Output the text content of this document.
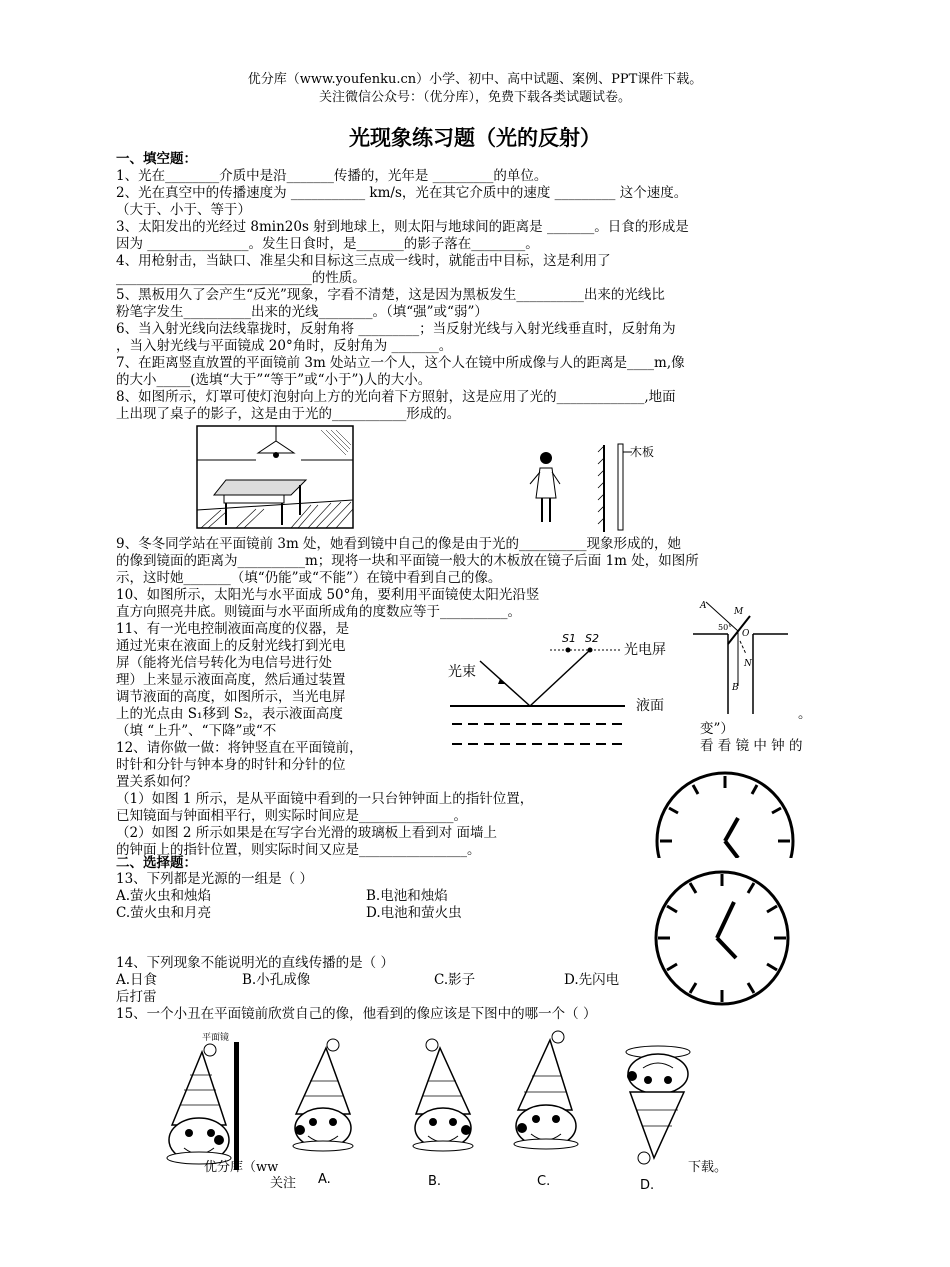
优分库（www.youfenku.cn）小学、初中、高中试题、案例、PPT课件下载。
关注微信公众号：（优分库），免费下载各类试题试卷。
光现象练习题（光的反射）
一、填空题：
1、光在________介质中是沿_______传播的，光年是 _________的单位。
2、光在真空中的传播速度为 ___________ km/s，光在其它介质中的速度 _________ 这个速度。
（大于、小于、等于）
3、太阳发出的光经过 8min20s 射到地球上，则太阳与地球间的距离是 _______。日食的形成是
因为 _______________。发生日食时，是_______的影子落在________。
4、用枪射击，当缺口、准星尖和目标这三点成一线时，就能击中目标，这是利用了
_____________________________的性质。
5、黑板用久了会产生“反光”现象，字看不清楚，这是因为黑板发生__________出来的光线比
粉笔字发生__________出来的光线________。（填“强”或“弱”）
6、当入射光线向法线靠拢时，反射角将 _________；当反射光线与入射光线垂直时，反射角为
，当入射光线与平面镜成 20°角时，反射角为 _______。
7、在距离竖直放置的平面镜前 3m 处站立一个人，这个人在镜中所成像与人的距离是____m,像
的大小_____(选填“大于”“等于”或“小于”)人的大小。
8、如图所示，灯罩可使灯泡射向上方的光向着下方照射，这是应用了光的_____________,地面
上出现了桌子的影子，这是由于光的___________形成的。
木板
9、冬冬同学站在平面镜前 3m 处，她看到镜中自己的像是由于光的__________现象形成的，她
的像到镜面的距离为__________m；现将一块和平面镜一般大的木板放在镜子后面 1m 处，如图所
示，这时她_______（填“仍能”或“不能”）在镜中看到自己的像。
10、如图所示，太阳光与水平面成 50°角，要利用平面镜使太阳光沿竖
直方向照亮井底。则镜面与水平面所成角的度数应等于__________。	A
M
50°
O
N
B
11、有一光电控制液面高度的仪器，是
通过光束在液面上的反射光线打到光电
屏（能将光信号转化为电信号进行处
理）上来显示液面高度，然后通过装置
调节液面的高度，如图所示，当光电屏
上的光点由 S₁移到 S₂，表示液面高度
（填 “上升”、“下降”或“不	变”）
。
光束
S1 S2
光电屏
液面
12、请你做一做：将钟竖直在平面镜前，	看 看 镜 中 钟 的
时针和分针与钟本身的时针和分针的位
置关系如何？
（1）如图 1 所示，是从平面镜中看到的一只台钟钟面上的指针位置，
已知镜面与钟面相平行，则实际时间应是______________。
（2）如图 2 所示如果是在写字台光滑的玻璃板上看到对 面墙上
的钟面上的指针位置，则实际时间又应是________________。
二、选择题：
13、下列都是光源的一组是（ ）
A.萤火虫和烛焰	B.电池和烛焰
C.萤火虫和月亮	D.电池和萤火虫
14、下列现象不能说明光的直线传播的是（ ）
A.日食	B.小孔成像	C.影子	D.先闪电
后打雷
15、一个小丑在平面镜前欣赏自己的像，他看到的像应该是下图中的哪一个（ ）
平面镜
优分库（ww
关注 A.	B.	C.	D.
下载。
